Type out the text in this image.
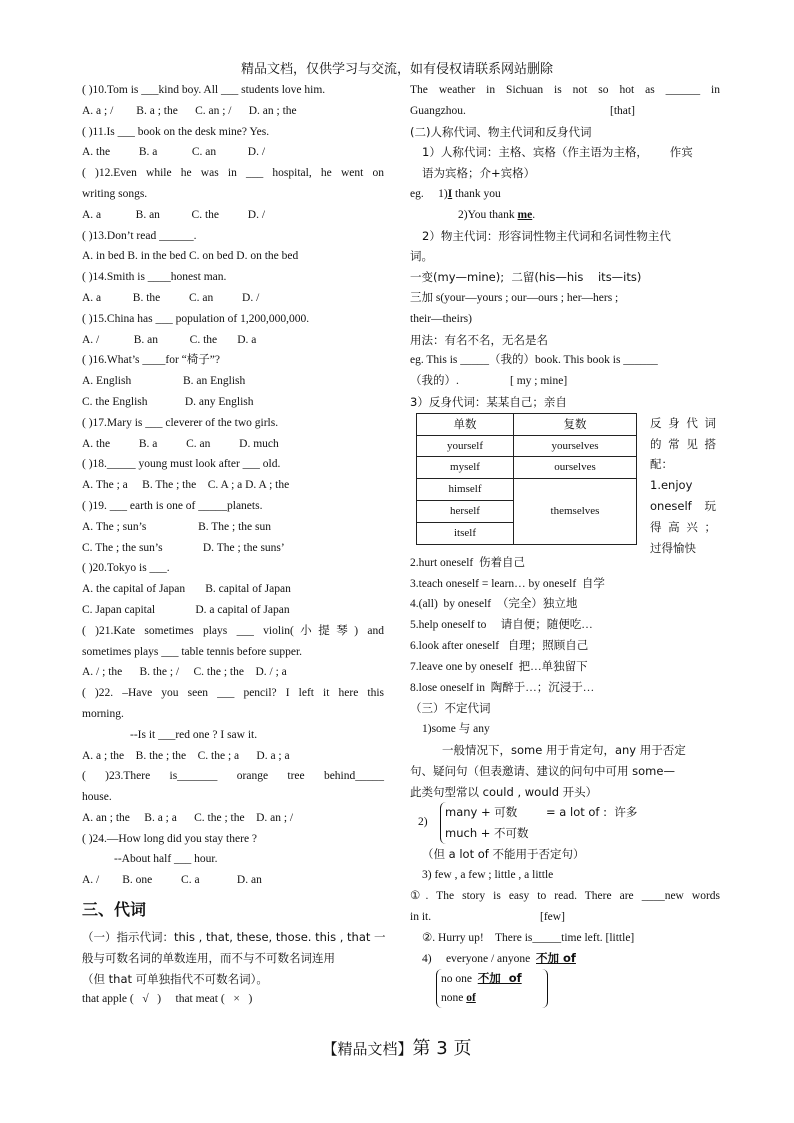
精品文档，仅供学习与交流，如有侵权请联系网站删除
( )10.Tom is ___kind boy. All ___ students love him.
A. a ; /        B. a ; the      C. an ; /      D. an ; the
( )11.Is ___ book on the desk mine? Yes.
A. the          B. a            C. an           D. /
( )12.Even while he was in ___ hospital, he went on
writing songs.
A. a            B. an           C. the          D. /
( )13.Don’t read ______.
A. in bed B. in the bed C. on bed D. on the bed
( )14.Smith is ____honest man.
A. a           B. the          C. an          D. /
( )15.China has ___ population of 1,200,000,000.
A. /            B. an           C. the       D. a
( )16.What’s ____for “椅子”?
A. English                  B. an English
C. the English             D. any English
( )17.Mary is ___ cleverer of the two girls.
A. the          B. a          C. an          D. much
( )18._____ young must look after ___ old.
A. The ; a     B. The ; the    C. A ; a D. A ; the
( )19. ___ earth is one of _____planets.
A. The ; sun’s                  B. The ; the sun
C. The ; the sun’s              D. The ; the suns’
( )20.Tokyo is ___.
A. the capital of Japan       B. capital of Japan
C. Japan capital              D. a capital of Japan
( )21.Kate sometimes plays ___ violin(小提琴) and
sometimes plays ___ table tennis before supper.
A. / ; the      B. the ; /     C. the ; the    D. / ; a
( )22. –Have you seen ___ pencil? I left it here this
morning.
--Is it ___red one ? I saw it.
A. a ; the    B. the ; the    C. the ; a      D. a ; a
( )23.There is_______ orange tree behind_____
house.
A. an ; the     B. a ; a      C. the ; the    D. an ; /
( )24.—How long did you stay there ?
--About half ___ hour.
A. /        B. one          C. a             D. an
三、代词
（一）指示代词：this , that, these, those. this , that 一
般与可数名词的单数连用，而不与不可数名词连用
（但 that 可单独指代不可数名词）。
that apple ( √ )     that meat ( × )
The weather in Sichuan is not so hot as ______ in
Guangzhou.	[that]
(二)人称代词、物主代词和反身代词
1）人称代词：主格、宾格（作主语为主格，      作宾
语为宾格；介+宾格）
eg.     1)I thank you
2)You thank me.
2）物主代词：形容词性物主代词和名词性物主代
词。
一变(my—mine);  二留(his—his    its—its)
三加 s(your—yours ; our—ours ; her—hers ;
their—theirs)
用法：有名不名，无名是名
eg. This is _____（我的）book. This book is ______
（我的）.	[ my ; mine]
3）反身代词：某某自己；亲自
单数	复数
yourself	yourselves
myself	ourselves
himself	themselves
herself	
itself	
反身代词
的常见搭
配：
1.enjoy
oneself 玩
得高兴；
过得愉快
2.hurt oneself  伤着自己
3.teach oneself = learn… by oneself  自学
4.(all)  by oneself  （完全）独立地
5.help oneself to     请自便；随便吃…
6.look after oneself   自理；照顾自己
7.leave one by oneself  把…单独留下
8.lose oneself in  陶醉于…；沉浸于…
（三）不定代词
1)some 与 any
一般情况下，some 用于肯定句，any 用于否定
句、疑问句（但表邀请、建议的问句中可用 some—
此类句型常以 could , would 开头）
2)
many + 可数
much + 不可数
= a lot of :  许多
（但 a lot of 不能用于否定句）
3) few , a few ; little , a little
①. The story is easy to read. There are ____new words
in it.	[few]
②. Hurry up!    There is_____time left. [little]
4)     everyone / anyone  不加 of
no one  不加  of
none of
【精品文档】第 3 页
